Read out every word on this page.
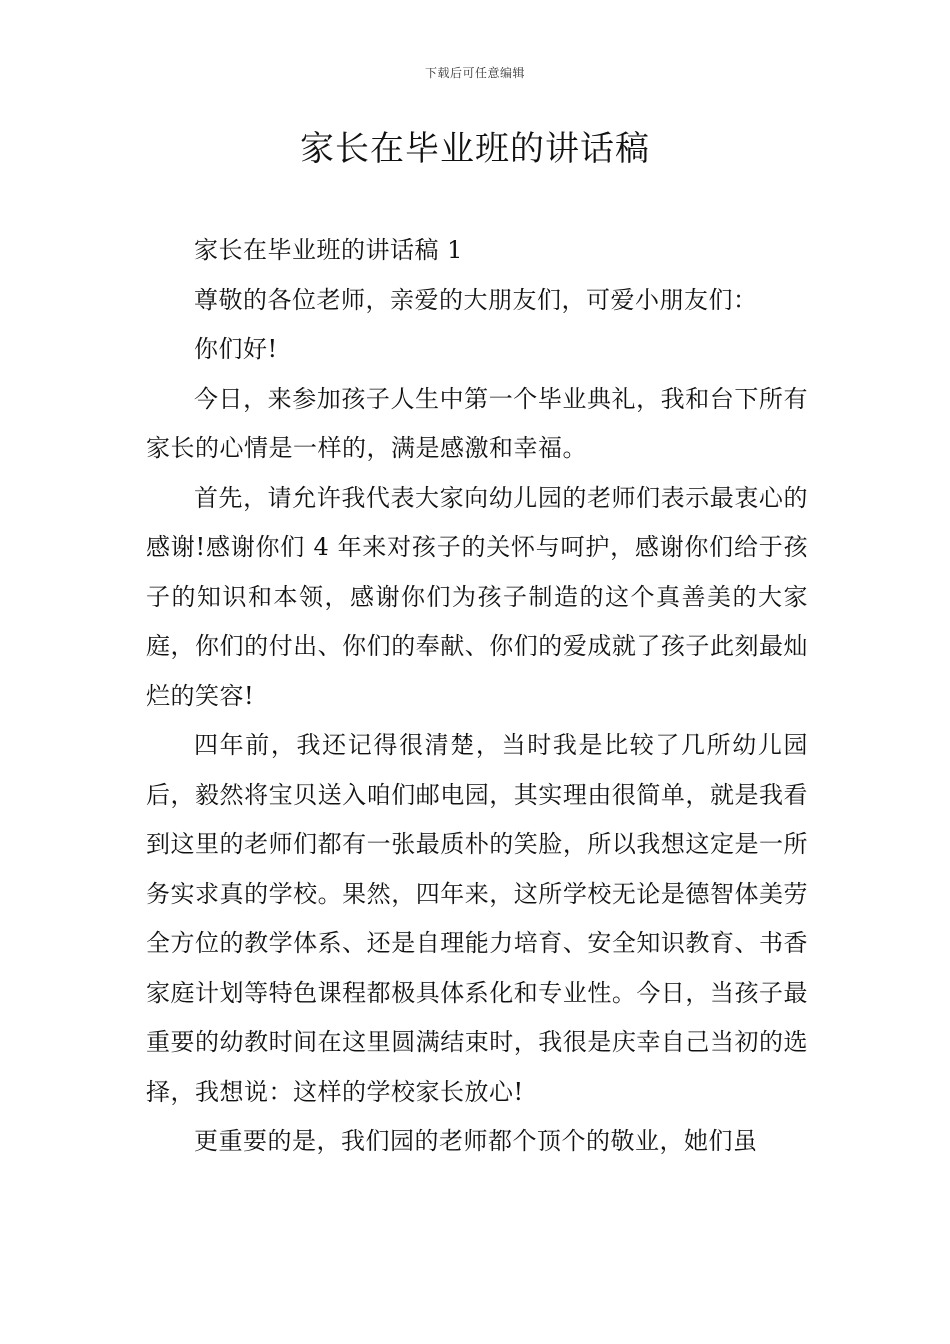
下载后可任意编辑
家长在毕业班的讲话稿

家长在毕业班的讲话稿 1

尊敬的各位老师，亲爱的大朋友们，可爱小朋友们：

你们好!

今日，来参加孩子人生中第一个毕业典礼，我和台下所有家长的心情是一样的，满是感激和幸福。

首先，请允许我代表大家向幼儿园的老师们表示最衷心的感谢!感谢你们 4 年来对孩子的关怀与呵护，感谢你们给于孩子的知识和本领，感谢你们为孩子制造的这个真善美的大家庭，你们的付出、你们的奉献、你们的爱成就了孩子此刻最灿烂的笑容!

四年前，我还记得很清楚，当时我是比较了几所幼儿园后，毅然将宝贝送入咱们邮电园，其实理由很简单，就是我看到这里的老师们都有一张最质朴的笑脸，所以我想这定是一所务实求真的学校。果然，四年来，这所学校无论是德智体美劳全方位的教学体系、还是自理能力培育、安全知识教育、书香家庭计划等特色课程都极具体系化和专业性。今日，当孩子最重要的幼教时间在这里圆满结束时，我很是庆幸自己当初的选择，我想说：这样的学校家长放心!

更重要的是，我们园的老师都个顶个的敬业，她们虽
